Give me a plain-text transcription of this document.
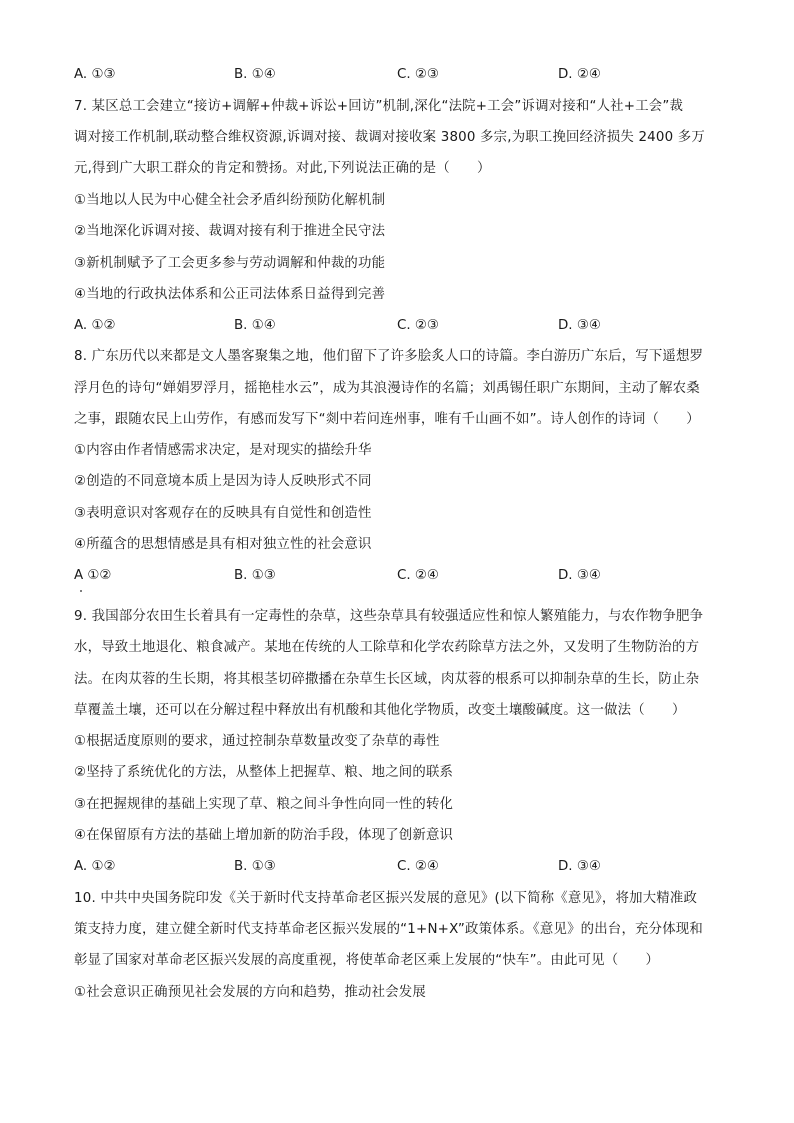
A. ①③	B. ①④	C. ②③	D. ②④
7. 某区总工会建立“接访+调解+仲裁+诉讼+回访”机制,深化“法院+工会”诉调对接和“人社+工会”裁
调对接工作机制,联动整合维权资源,诉调对接、裁调对接收案 3800 多宗,为职工挽回经济损失 2400 多万
元,得到广大职工群众的肯定和赞扬。对此,下列说法正确的是（　　）
①当地以人民为中心健全社会矛盾纠纷预防化解机制
②当地深化诉调对接、裁调对接有利于推进全民守法
③新机制赋予了工会更多参与劳动调解和仲裁的功能
④当地的行政执法体系和公正司法体系日益得到完善
A. ①②	B. ①④	C. ②③	D. ③④
8. 广东历代以来都是文人墨客聚集之地，他们留下了许多脍炙人口的诗篇。李白游历广东后，写下遥想罗
浮月色的诗句“婵娟罗浮月，摇艳桂水云”，成为其浪漫诗作的名篇；刘禹锡任职广东期间，主动了解农桑
之事，跟随农民上山劳作，有感而发写下“剡中若问连州事，唯有千山画不如”。诗人创作的诗词（　　）
①内容由作者情感需求决定，是对现实的描绘升华
②创造的不同意境本质上是因为诗人反映形式不同
③表明意识对客观存在的反映具有自觉性和创造性
④所蕴含的思想情感是具有相对独立性的社会意识
A ①②	B. ①③	C. ②④	D. ③④
9. 我国部分农田生长着具有一定毒性的杂草，这些杂草具有较强适应性和惊人繁殖能力，与农作物争肥争
水，导致土地退化、粮食减产。某地在传统的人工除草和化学农药除草方法之外，又发明了生物防治的方
法。在肉苁蓉的生长期，将其根茎切碎撒播在杂草生长区域，肉苁蓉的根系可以抑制杂草的生长，防止杂
草覆盖土壤，还可以在分解过程中释放出有机酸和其他化学物质，改变土壤酸碱度。这一做法（　　）
①根据适度原则的要求，通过控制杂草数量改变了杂草的毒性
②坚持了系统优化的方法，从整体上把握草、粮、地之间的联系
③在把握规律的基础上实现了草、粮之间斗争性向同一性的转化
④在保留原有方法的基础上增加新的防治手段，体现了创新意识
A. ①②	B. ①③	C. ②④	D. ③④
10. 中共中央国务院印发《关于新时代支持革命老区振兴发展的意见》(以下简称《意见》，将加大精准政
策支持力度，建立健全新时代支持革命老区振兴发展的“1+N+X”政策体系。《意见》的出台，充分体现和
彰显了国家对革命老区振兴发展的高度重视，将使革命老区乘上发展的“快车”。由此可见（　　）
①社会意识正确预见社会发展的方向和趋势，推动社会发展
